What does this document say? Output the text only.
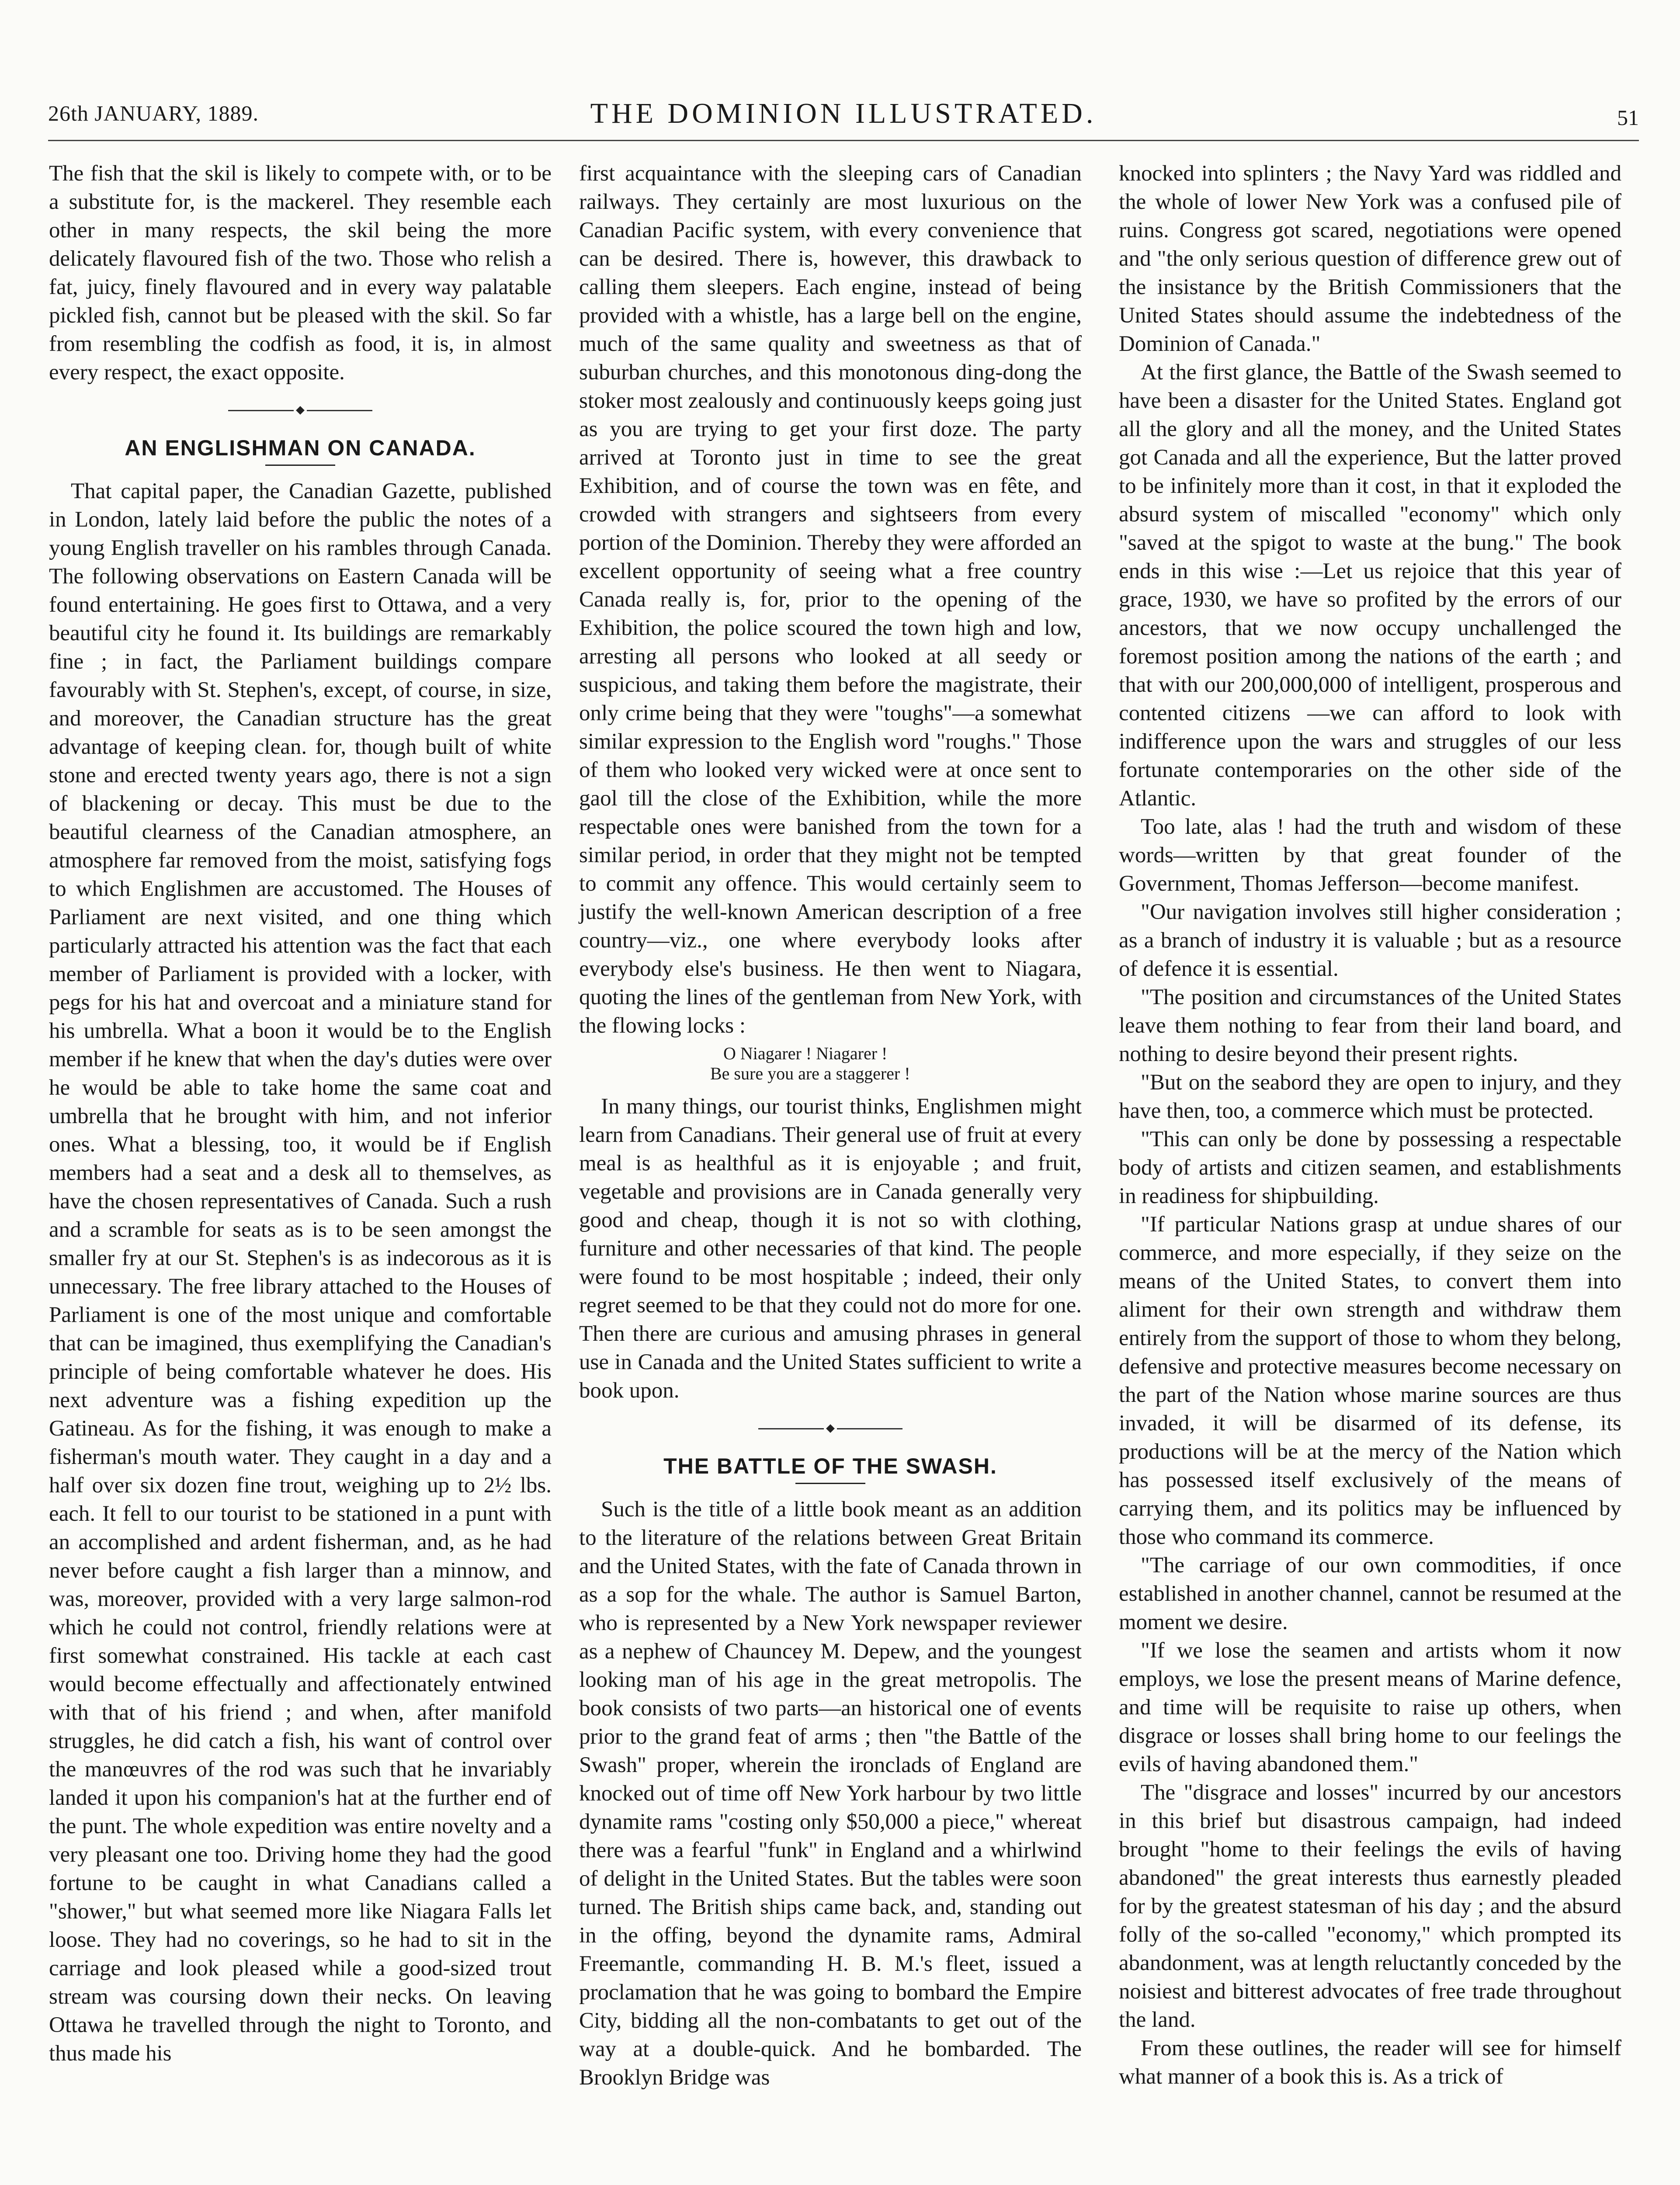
26th JANUARY, 1889.	THE DOMINION ILLUSTRATED.	51

The fish that the skil is likely to compete with, or to be a substitute for, is the mackerel. They resemble each other in many respects, the skil being the more delicately flavoured fish of the two. Those who relish a fat, juicy, finely flavoured and in every way palatable pickled fish, cannot but be pleased with the skil. So far from resembling the codfish as food, it is, in almost every respect, the exact opposite.

AN ENGLISHMAN ON CANADA.

That capital paper, the Canadian Gazette, published in London, lately laid before the public the notes of a young English traveller on his rambles through Canada. The following observations on Eastern Canada will be found entertaining. He goes first to Ottawa, and a very beautiful city he found it. Its buildings are remarkably fine ; in fact, the Parliament buildings compare favourably with St. Stephen's, except, of course, in size, and moreover, the Canadian structure has the great advantage of keeping clean. for, though built of white stone and erected twenty years ago, there is not a sign of blackening or decay. This must be due to the beautiful clearness of the Canadian atmosphere, an atmosphere far removed from the moist, satisfying fogs to which Englishmen are accustomed. The Houses of Parliament are next visited, and one thing which particularly attracted his attention was the fact that each member of Parliament is provided with a locker, with pegs for his hat and overcoat and a miniature stand for his umbrella. What a boon it would be to the English member if he knew that when the day's duties were over he would be able to take home the same coat and umbrella that he brought with him, and not inferior ones. What a blessing, too, it would be if English members had a seat and a desk all to themselves, as have the chosen representatives of Canada. Such a rush and a scramble for seats as is to be seen amongst the smaller fry at our St. Stephen's is as indecorous as it is unnecessary. The free library attached to the Houses of Parliament is one of the most unique and comfortable that can be imagined, thus exemplifying the Canadian's principle of being comfortable whatever he does. His next adventure was a fishing expedition up the Gatineau. As for the fishing, it was enough to make a fisherman's mouth water. They caught in a day and a half over six dozen fine trout, weighing up to 2½ lbs. each. It fell to our tourist to be stationed in a punt with an accomplished and ardent fisherman, and, as he had never before caught a fish larger than a minnow, and was, moreover, provided with a very large salmon-rod which he could not control, friendly relations were at first somewhat constrained. His tackle at each cast would become effectually and affectionately entwined with that of his friend ; and when, after manifold struggles, he did catch a fish, his want of control over the manœuvres of the rod was such that he invariably landed it upon his companion's hat at the further end of the punt. The whole expedition was entire novelty and a very pleasant one too. Driving home they had the good fortune to be caught in what Canadians called a "shower," but what seemed more like Niagara Falls let loose. They had no coverings, so he had to sit in the carriage and look pleased while a good-sized trout stream was coursing down their necks. On leaving Ottawa he travelled through the night to Toronto, and thus made his

first acquaintance with the sleeping cars of Canadian railways. They certainly are most luxurious on the Canadian Pacific system, with every convenience that can be desired. There is, however, this drawback to calling them sleepers. Each engine, instead of being provided with a whistle, has a large bell on the engine, much of the same quality and sweetness as that of suburban churches, and this monotonous ding-dong the stoker most zealously and continuously keeps going just as you are trying to get your first doze. The party arrived at Toronto just in time to see the great Exhibition, and of course the town was en fête, and crowded with strangers and sightseers from every portion of the Dominion. Thereby they were afforded an excellent opportunity of seeing what a free country Canada really is, for, prior to the opening of the Exhibition, the police scoured the town high and low, arresting all persons who looked at all seedy or suspicious, and taking them before the magistrate, their only crime being that they were "toughs"—a somewhat similar expression to the English word "roughs." Those of them who looked very wicked were at once sent to gaol till the close of the Exhibition, while the more respectable ones were banished from the town for a similar period, in order that they might not be tempted to commit any offence. This would certainly seem to justify the well-known American description of a free country—viz., one where everybody looks after everybody else's business. He then went to Niagara, quoting the lines of the gentleman from New York, with the flowing locks :

O Niagarer ! Niagarer !
Be sure you are a staggerer !

In many things, our tourist thinks, Englishmen might learn from Canadians. Their general use of fruit at every meal is as healthful as it is enjoyable ; and fruit, vegetable and provisions are in Canada generally very good and cheap, though it is not so with clothing, furniture and other necessaries of that kind. The people were found to be most hospitable ; indeed, their only regret seemed to be that they could not do more for one. Then there are curious and amusing phrases in general use in Canada and the United States sufficient to write a book upon.

THE BATTLE OF THE SWASH.

Such is the title of a little book meant as an addition to the literature of the relations between Great Britain and the United States, with the fate of Canada thrown in as a sop for the whale. The author is Samuel Barton, who is represented by a New York newspaper reviewer as a nephew of Chauncey M. Depew, and the youngest looking man of his age in the great metropolis. The book consists of two parts—an historical one of events prior to the grand feat of arms ; then "the Battle of the Swash" proper, wherein the ironclads of England are knocked out of time off New York harbour by two little dynamite rams "costing only $50,000 a piece," whereat there was a fearful "funk" in England and a whirlwind of delight in the United States. But the tables were soon turned. The British ships came back, and, standing out in the offing, beyond the dynamite rams, Admiral Freemantle, commanding H. B. M.'s fleet, issued a proclamation that he was going to bombard the Empire City, bidding all the non-combatants to get out of the way at a double-quick. And he bombarded. The Brooklyn Bridge was

knocked into splinters ; the Navy Yard was riddled and the whole of lower New York was a confused pile of ruins. Congress got scared, negotiations were opened and "the only serious question of difference grew out of the insistance by the British Commissioners that the United States should assume the indebtedness of the Dominion of Canada."

At the first glance, the Battle of the Swash seemed to have been a disaster for the United States. England got all the glory and all the money, and the United States got Canada and all the experience, But the latter proved to be infinitely more than it cost, in that it exploded the absurd system of miscalled "economy" which only "saved at the spigot to waste at the bung." The book ends in this wise :—Let us rejoice that this year of grace, 1930, we have so profited by the errors of our ancestors, that we now occupy unchallenged the foremost position among the nations of the earth ; and that with our 200,000,000 of intelligent, prosperous and contented citizens —we can afford to look with indifference upon the wars and struggles of our less fortunate contemporaries on the other side of the Atlantic.

Too late, alas ! had the truth and wisdom of these words—written by that great founder of the Government, Thomas Jefferson—become manifest.

"Our navigation involves still higher consideration ; as a branch of industry it is valuable ; but as a resource of defence it is essential.

"The position and circumstances of the United States leave them nothing to fear from their land board, and nothing to desire beyond their present rights.

"But on the seabord they are open to injury, and they have then, too, a commerce which must be protected.

"This can only be done by possessing a respectable body of artists and citizen seamen, and establishments in readiness for shipbuilding.

"If particular Nations grasp at undue shares of our commerce, and more especially, if they seize on the means of the United States, to convert them into aliment for their own strength and withdraw them entirely from the support of those to whom they belong, defensive and protective measures become necessary on the part of the Nation whose marine sources are thus invaded, it will be disarmed of its defense, its productions will be at the mercy of the Nation which has possessed itself exclusively of the means of carrying them, and its politics may be influenced by those who command its commerce.

"The carriage of our own commodities, if once established in another channel, cannot be resumed at the moment we desire.

"If we lose the seamen and artists whom it now employs, we lose the present means of Marine defence, and time will be requisite to raise up others, when disgrace or losses shall bring home to our feelings the evils of having abandoned them."

The "disgrace and losses" incurred by our ancestors in this brief but disastrous campaign, had indeed brought "home to their feelings the evils of having abandoned" the great interests thus earnestly pleaded for by the greatest statesman of his day ; and the absurd folly of the so-called "economy," which prompted its abandonment, was at length reluctantly conceded by the noisiest and bitterest advocates of free trade throughout the land.

From these outlines, the reader will see for himself what manner of a book this is. As a trick of
